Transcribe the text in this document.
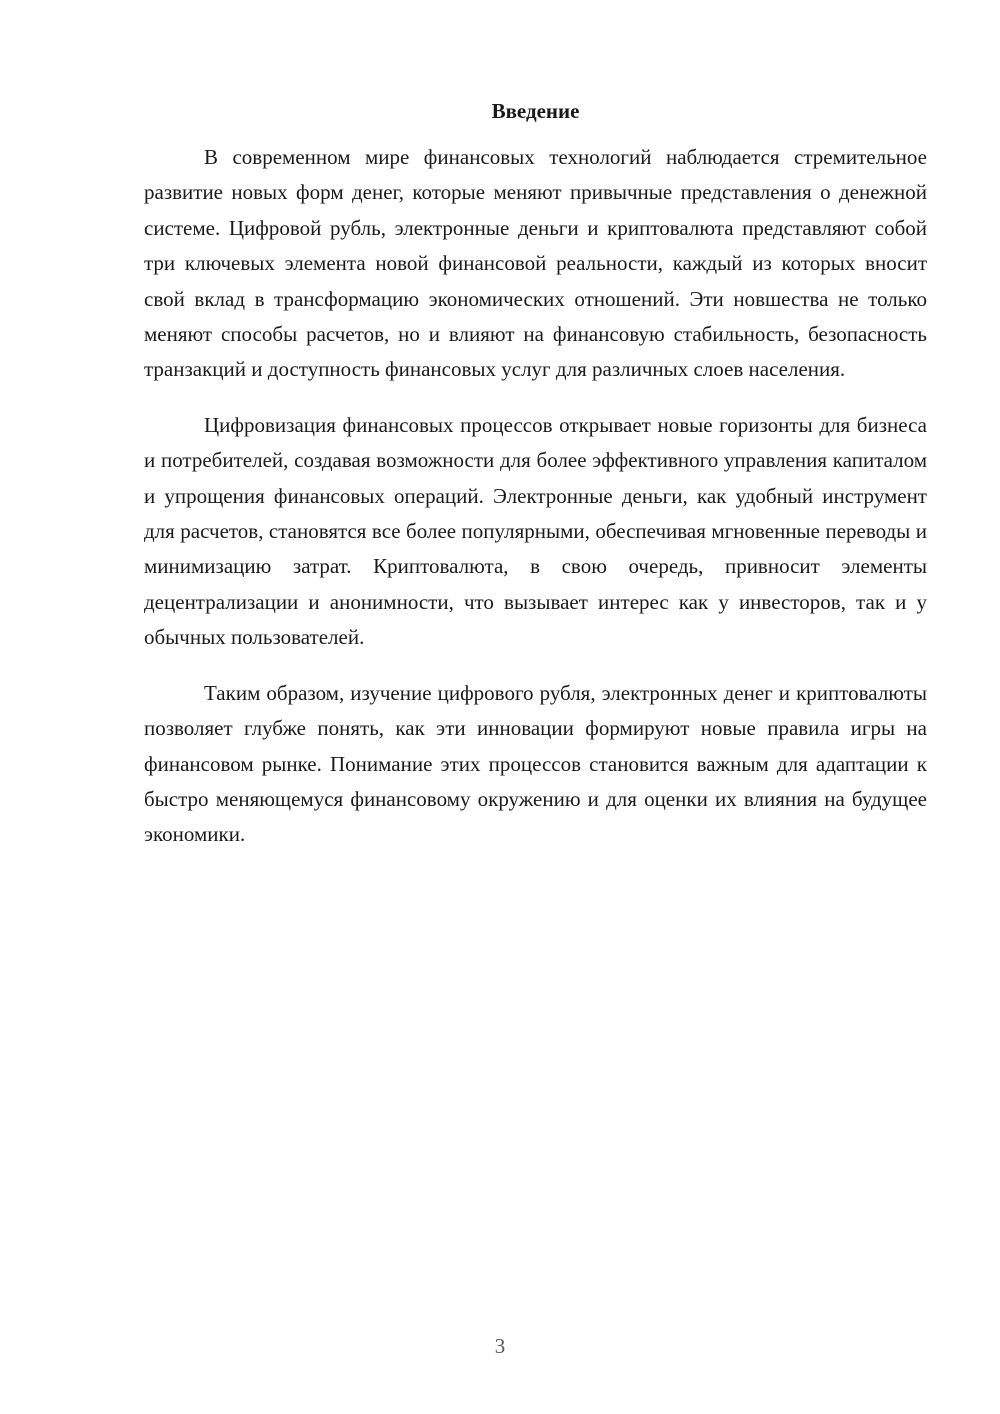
Введение

В современном мире финансовых технологий наблюдается стремительное развитие новых форм денег, которые меняют привычные представления о денежной системе. Цифровой рубль, электронные деньги и криптовалюта представляют собой три ключевых элемента новой финансовой реальности, каждый из которых вносит свой вклад в трансформацию экономических отношений. Эти новшества не только меняют способы расчетов, но и влияют на финансовую стабильность, безопасность транзакций и доступность финансовых услуг для различных слоев населения.

Цифровизация финансовых процессов открывает новые горизонты для бизнеса и потребителей, создавая возможности для более эффективного управления капиталом и упрощения финансовых операций. Электронные деньги, как удобный инструмент для расчетов, становятся все более популярными, обеспечивая мгновенные переводы и минимизацию затрат. Криптовалюта, в свою очередь, привносит элементы децентрализации и анонимности, что вызывает интерес как у инвесторов, так и у обычных пользователей.

Таким образом, изучение цифрового рубля, электронных денег и криптовалюты позволяет глубже понять, как эти инновации формируют новые правила игры на финансовом рынке. Понимание этих процессов становится важным для адаптации к быстро меняющемуся финансовому окружению и для оценки их влияния на будущее экономики.

3
